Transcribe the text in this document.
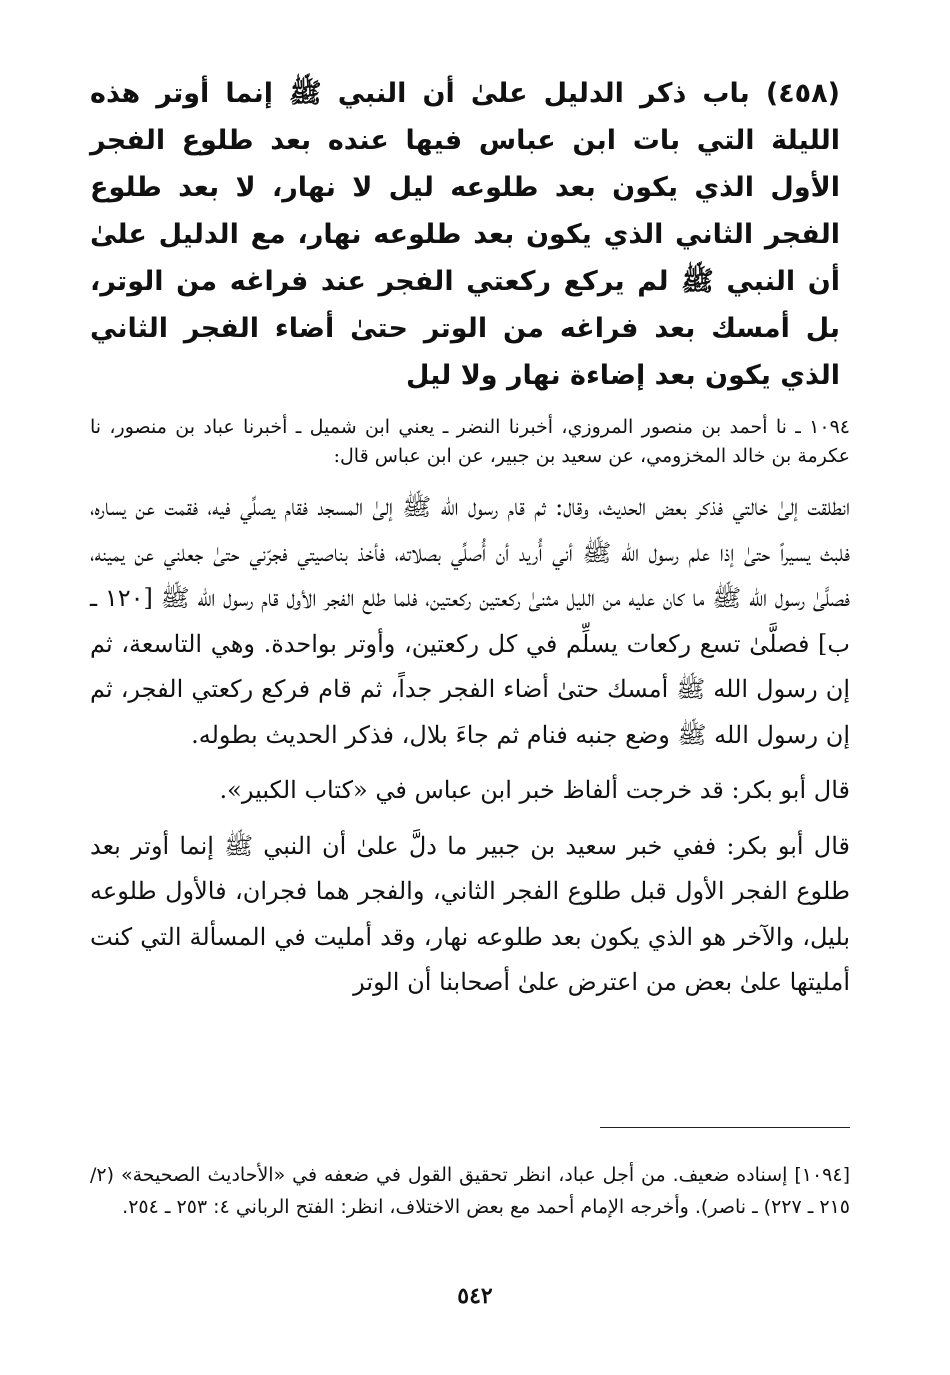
(٤٥٨) باب ذكر الدليل علىٰ أن النبي ﷺ إنما أوتر هذه الليلة التي بات ابن عباس فيها عنده بعد طلوع الفجر الأول الذي يكون بعد طلوعه ليل لا نهار، لا بعد طلوع الفجر الثاني الذي يكون بعد طلوعه نهار، مع الدليل علىٰ أن النبي ﷺ لم يركع ركعتي الفجر عند فراغه من الوتر، بل أمسك بعد فراغه من الوتر حتىٰ أضاء الفجر الثاني الذي يكون بعد إضاءة نهار ولا ليل

١٠٩٤ ـ نا أحمد بن منصور المروزي، أخبرنا النضر ـ يعني ابن شميل ـ أخبرنا عباد بن منصور، نا عكرمة بن خالد المخزومي، عن سعيد بن جبير، عن ابن عباس قال:

انطلقت إلىٰ خالتي فذكر بعض الحديث، وقال: ثم قام رسول الله ﷺ إلىٰ المسجد فقام يصلِّي فيه، فقمت عن يساره، فلبث يسيراً حتىٰ إذا علم رسول الله ﷺ أني أُريد أن أُصلِّي بصلاته، فأخذ بناصيتي فجرّني حتىٰ جعلني عن يمينه، فصلَّىٰ رسول الله ﷺ ما كان عليه من الليل مثنىٰ ركعتين ركعتين، فلما طلع الفجر الأول قام رسول الله ﷺ [١٢٠ ـ ب] فصلَّىٰ تسع ركعات يسلِّم في كل ركعتين، وأوتر بواحدة. وهي التاسعة، ثم إن رسول الله ﷺ أمسك حتىٰ أضاء الفجر جداً، ثم قام فركع ركعتي الفجر، ثم إن رسول الله ﷺ وضع جنبه فنام ثم جاءَ بلال، فذكر الحديث بطوله.

قال أبو بكر: قد خرجت ألفاظ خبر ابن عباس في «كتاب الكبير».

قال أبو بكر: ففي خبر سعيد بن جبير ما دلَّ علىٰ أن النبي ﷺ إنما أوتر بعد طلوع الفجر الأول قبل طلوع الفجر الثاني، والفجر هما فجران، فالأول طلوعه بليل، والآخر هو الذي يكون بعد طلوعه نهار، وقد أمليت في المسألة التي كنت أمليتها علىٰ بعض من اعترض علىٰ أصحابنا أن الوتر

[١٠٩٤] إسناده ضعيف. من أجل عباد، انظر تحقيق القول في ضعفه في «الأحاديث الصحيحة» (٢/ ٢١٥ ـ ٢٢٧) ـ ناصر). وأخرجه الإمام أحمد مع بعض الاختلاف، انظر: الفتح الرباني ٤: ٢٥٣ ـ ٢٥٤.

٥٤٢
